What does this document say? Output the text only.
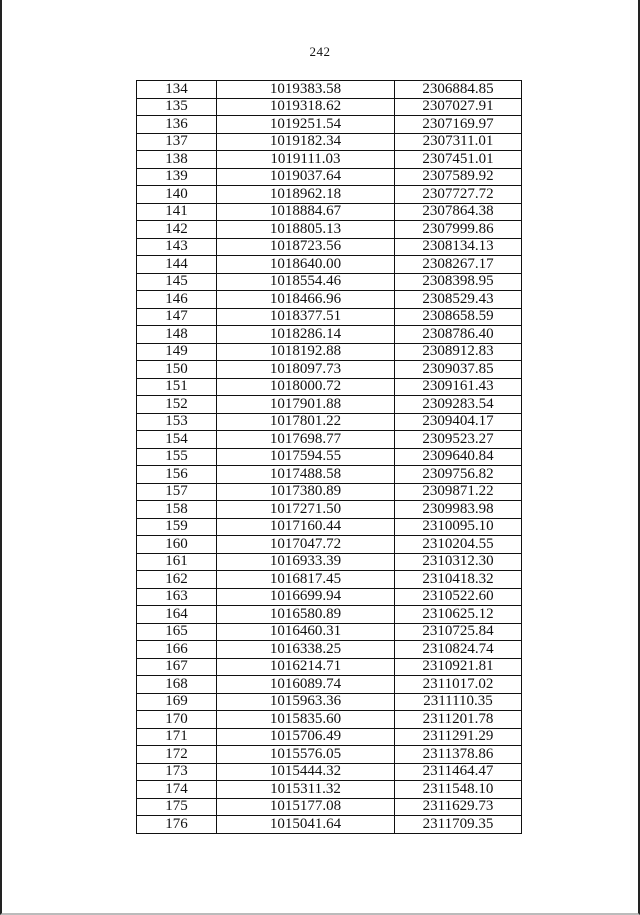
242
134	1019383.58	2306884.85
135	1019318.62	2307027.91
136	1019251.54	2307169.97
137	1019182.34	2307311.01
138	1019111.03	2307451.01
139	1019037.64	2307589.92
140	1018962.18	2307727.72
141	1018884.67	2307864.38
142	1018805.13	2307999.86
143	1018723.56	2308134.13
144	1018640.00	2308267.17
145	1018554.46	2308398.95
146	1018466.96	2308529.43
147	1018377.51	2308658.59
148	1018286.14	2308786.40
149	1018192.88	2308912.83
150	1018097.73	2309037.85
151	1018000.72	2309161.43
152	1017901.88	2309283.54
153	1017801.22	2309404.17
154	1017698.77	2309523.27
155	1017594.55	2309640.84
156	1017488.58	2309756.82
157	1017380.89	2309871.22
158	1017271.50	2309983.98
159	1017160.44	2310095.10
160	1017047.72	2310204.55
161	1016933.39	2310312.30
162	1016817.45	2310418.32
163	1016699.94	2310522.60
164	1016580.89	2310625.12
165	1016460.31	2310725.84
166	1016338.25	2310824.74
167	1016214.71	2310921.81
168	1016089.74	2311017.02
169	1015963.36	2311110.35
170	1015835.60	2311201.78
171	1015706.49	2311291.29
172	1015576.05	2311378.86
173	1015444.32	2311464.47
174	1015311.32	2311548.10
175	1015177.08	2311629.73
176	1015041.64	2311709.35
